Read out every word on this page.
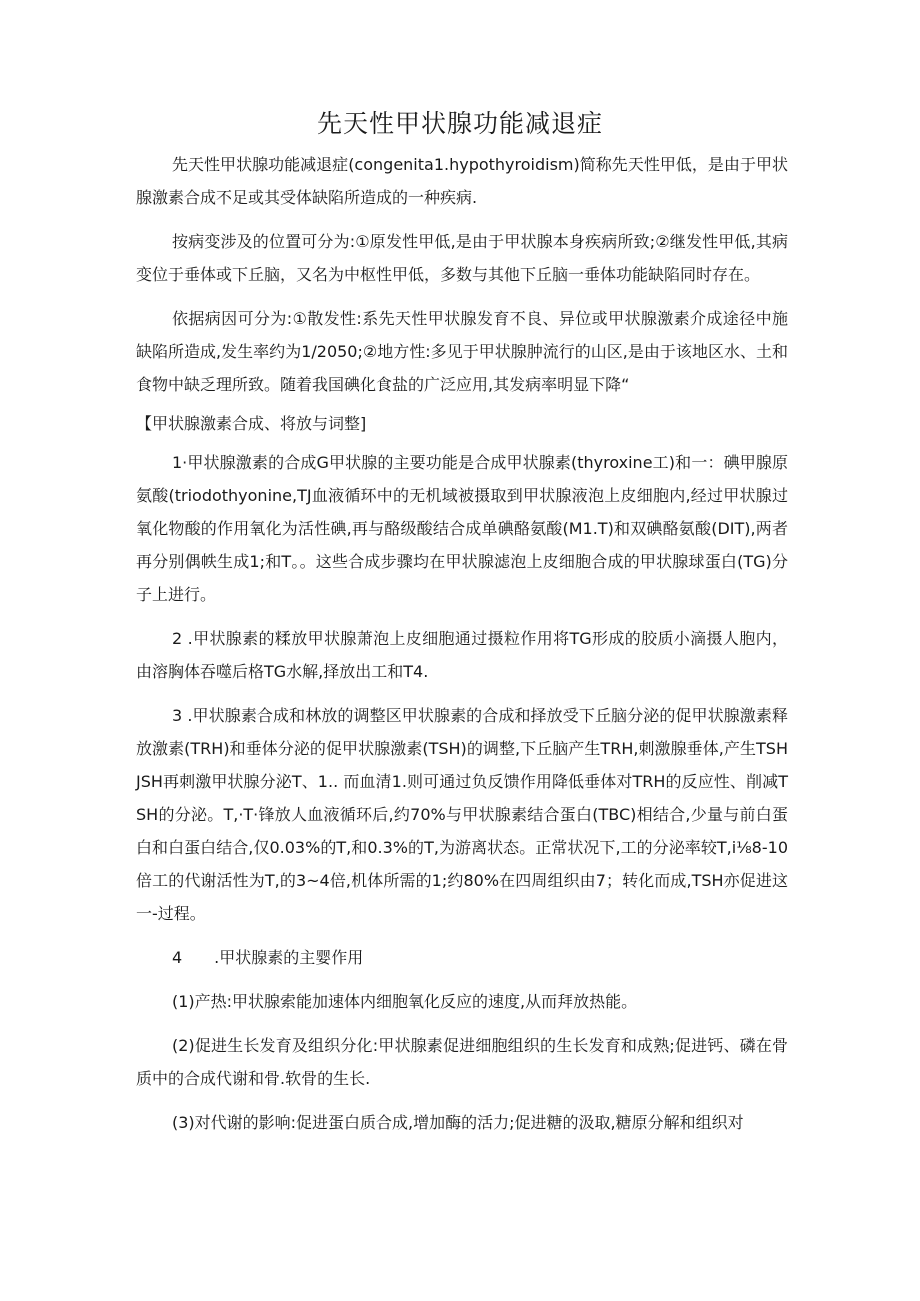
先天性甲状腺功能减退症

先天性甲状腺功能减退症(congenita1.hypothyroidism)简称先天性甲低，是由于甲状腺激素合成不足或其受体缺陷所造成的一种疾病.

按病变涉及的位置可分为:①原发性甲低,是由于甲状腺本身疾病所致;②继发性甲低,其病变位于垂体或下丘脑，又名为中枢性甲低，多数与其他下丘脑一垂体功能缺陷同时存在。

依据病因可分为:①散发性:系先天性甲状腺发育不良、异位或甲状腺激素介成途径中施缺陷所造成,发生率约为1/2050;②地方性:多见于甲状腺肿流行的山区,是由于该地区水、土和食物中缺乏理所致。随着我国碘化食盐的广泛应用,其发病率明显下降“

【甲状腺激素合成、将放与词整]

1·甲状腺激素的合成G甲状腺的主要功能是合成甲状腺素(thyroxine工)和一：碘甲腺原氨酸(triodothyonine,TJ血液循环中的无机域被摄取到甲状腺液泡上皮细胞内,经过甲状腺过氧化物酸的作用氧化为活性碘,再与酪级酸结合成单碘酪氨酸(M1.T)和双碘酪氨酸(DIT),两者再分别偶帙生成1;和T。。这些合成步骤均在甲状腺滤泡上皮细胞合成的甲状腺球蛋白(TG)分子上进行。

2 .甲状腺素的糅放甲状腺萧泡上皮细胞通过摄粒作用将TG形成的胶质小滴摄人胞内，由溶胸体吞噬后格TG水解,择放出工和T4.

3 .甲状腺素合成和林放的调整区甲状腺素的合成和择放受下丘脑分泌的促甲状腺激素释放激素(TRH)和垂体分泌的促甲状腺激素(TSH)的调整,下丘脑产生TRH,刺激腺垂体,产生TSHJSH再刺激甲状腺分泌T、1.. 而血清1.则可通过负反馈作用降低垂体对TRH的反应性、削减TSH的分泌。T,·T·锋放人血液循环后,约70%与甲状腺素结合蛋白(TBC)相结合,少量与前白蛋白和白蛋白结合,仅0.03%的T,和0.3%的T,为游离状态。正常状况下,工的分泌率较T,i⅛8-10倍工的代谢活性为T,的3~4倍,机体所需的1;约80%在四周组织由7；转化而成,TSH亦促进这一-过程。

4　　.甲状腺素的主婴作用

(1)产热:甲状腺索能加速体内细胞氧化反应的速度,从而拜放热能。

(2)促进生长发育及组织分化:甲状腺素促进细胞组织的生长发育和成熟;促进钙、磷在骨质中的合成代谢和骨.软骨的生长.

(3)对代谢的影响:促进蛋白质合成,增加酶的活力;促进糖的汲取,糖原分解和组织对
